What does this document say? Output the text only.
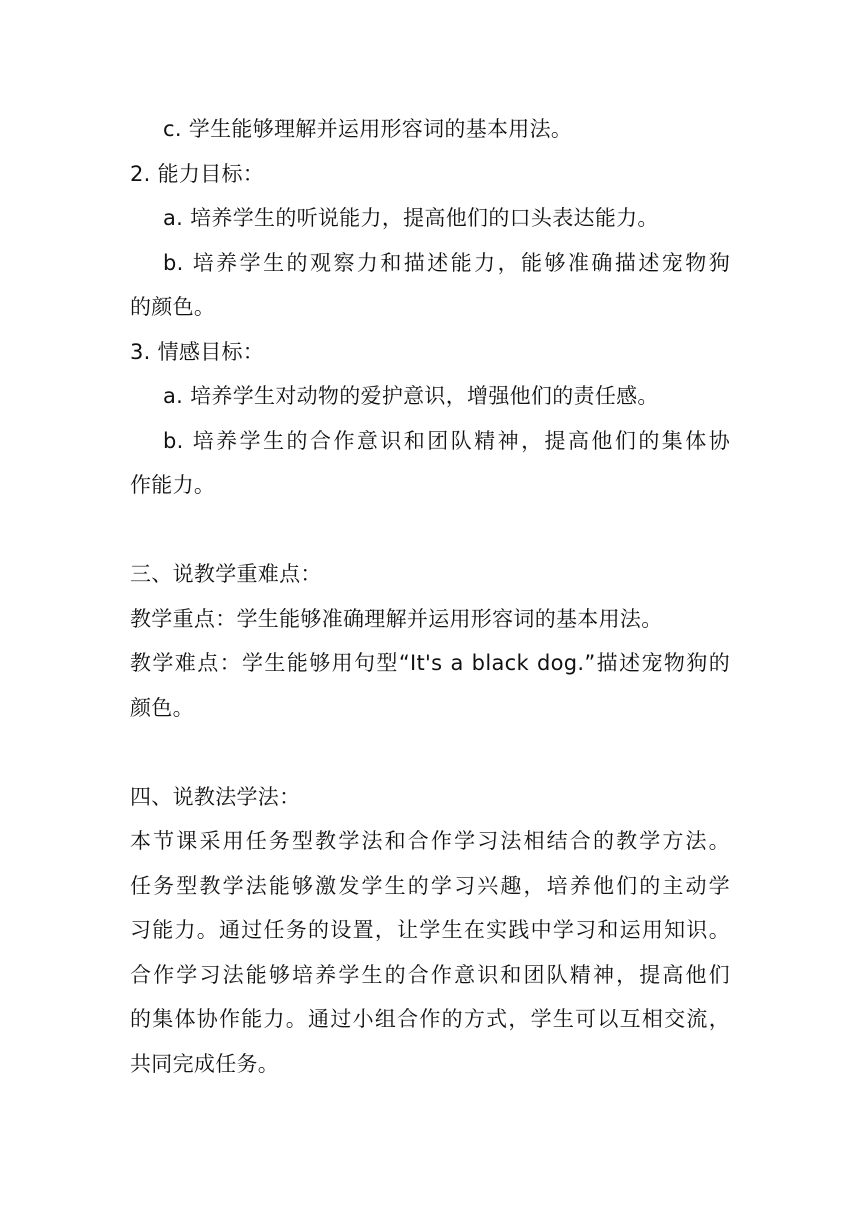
c. 学生能够理解并运用形容词的基本用法。
2. 能力目标：
a. 培养学生的听说能力，提高他们的口头表达能力。
b. 培养学生的观察力和描述能力，能够准确描述宠物狗
的颜色。
3. 情感目标：
a. 培养学生对动物的爱护意识，增强他们的责任感。
b. 培养学生的合作意识和团队精神，提高他们的集体协
作能力。
三、说教学重难点：
教学重点：学生能够准确理解并运用形容词的基本用法。
教学难点：学生能够用句型“It's a black dog.”描述宠物狗的
颜色。
四、说教法学法：
本节课采用任务型教学法和合作学习法相结合的教学方法。
任务型教学法能够激发学生的学习兴趣，培养他们的主动学
习能力。通过任务的设置，让学生在实践中学习和运用知识。
合作学习法能够培养学生的合作意识和团队精神，提高他们
的集体协作能力。通过小组合作的方式，学生可以互相交流，
共同完成任务。
